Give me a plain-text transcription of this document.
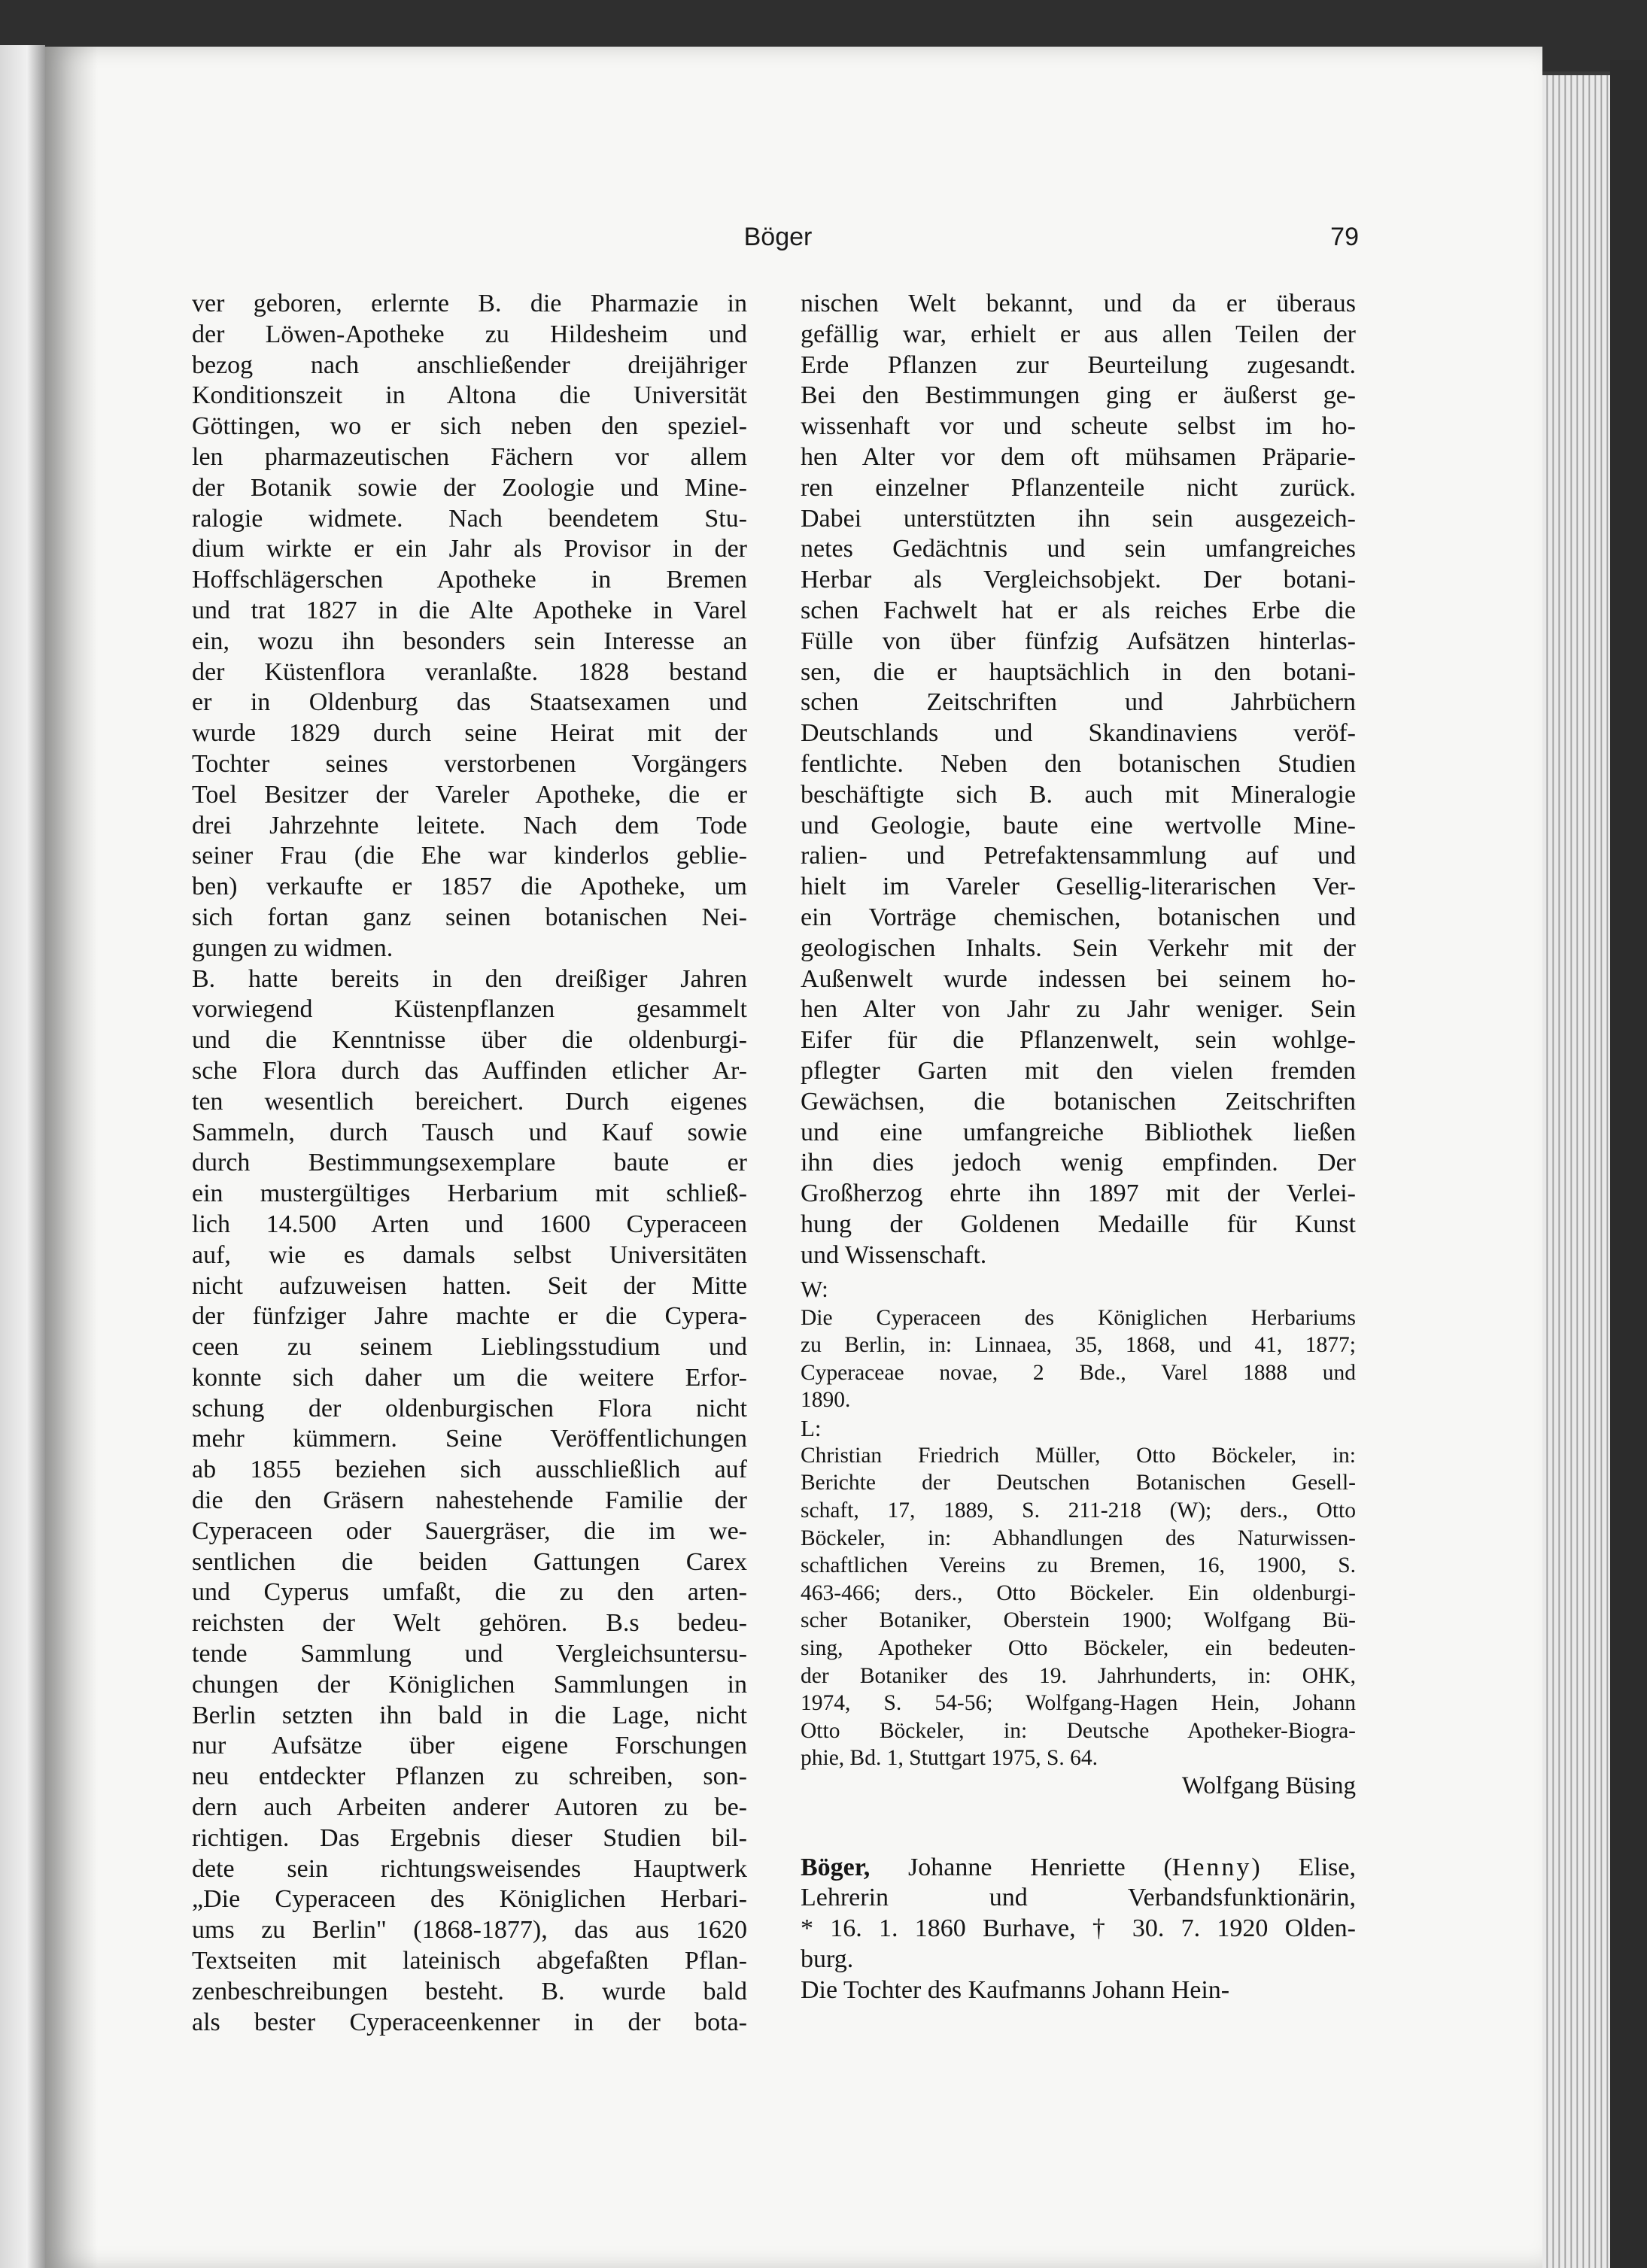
Böger	79
ver geboren, erlernte B. die Pharmazie in
der Löwen-Apotheke zu Hildesheim und
bezog nach anschließender dreijähriger
Konditionszeit in Altona die Universität
Göttingen, wo er sich neben den speziel-
len pharmazeutischen Fächern vor allem
der Botanik sowie der Zoologie und Mine-
ralogie widmete. Nach beendetem Stu-
dium wirkte er ein Jahr als Provisor in der
Hoffschlägerschen Apotheke in Bremen
und trat 1827 in die Alte Apotheke in Varel
ein, wozu ihn besonders sein Interesse an
der Küstenflora veranlaßte. 1828 bestand
er in Oldenburg das Staatsexamen und
wurde 1829 durch seine Heirat mit der
Tochter seines verstorbenen Vorgängers
Toel Besitzer der Vareler Apotheke, die er
drei Jahrzehnte leitete. Nach dem Tode
seiner Frau (die Ehe war kinderlos geblie-
ben) verkaufte er 1857 die Apotheke, um
sich fortan ganz seinen botanischen Nei-
gungen zu widmen.
B. hatte bereits in den dreißiger Jahren
vorwiegend Küstenpflanzen gesammelt
und die Kenntnisse über die oldenburgi-
sche Flora durch das Auffinden etlicher Ar-
ten wesentlich bereichert. Durch eigenes
Sammeln, durch Tausch und Kauf sowie
durch Bestimmungsexemplare baute er
ein mustergültiges Herbarium mit schließ-
lich 14.500 Arten und 1600 Cyperaceen
auf, wie es damals selbst Universitäten
nicht aufzuweisen hatten. Seit der Mitte
der fünfziger Jahre machte er die Cypera-
ceen zu seinem Lieblingsstudium und
konnte sich daher um die weitere Erfor-
schung der oldenburgischen Flora nicht
mehr kümmern. Seine Veröffentlichungen
ab 1855 beziehen sich ausschließlich auf
die den Gräsern nahestehende Familie der
Cyperaceen oder Sauergräser, die im we-
sentlichen die beiden Gattungen Carex
und Cyperus umfaßt, die zu den arten-
reichsten der Welt gehören. B.s bedeu-
tende Sammlung und Vergleichsuntersu-
chungen der Königlichen Sammlungen in
Berlin setzten ihn bald in die Lage, nicht
nur Aufsätze über eigene Forschungen
neu entdeckter Pflanzen zu schreiben, son-
dern auch Arbeiten anderer Autoren zu be-
richtigen. Das Ergebnis dieser Studien bil-
dete sein richtungsweisendes Hauptwerk
„Die Cyperaceen des Königlichen Herbari-
ums zu Berlin" (1868-1877), das aus 1620
Textseiten mit lateinisch abgefaßten Pflan-
zenbeschreibungen besteht. B. wurde bald
als bester Cyperaceenkenner in der bota-
nischen Welt bekannt, und da er überaus
gefällig war, erhielt er aus allen Teilen der
Erde Pflanzen zur Beurteilung zugesandt.
Bei den Bestimmungen ging er äußerst ge-
wissenhaft vor und scheute selbst im ho-
hen Alter vor dem oft mühsamen Präparie-
ren einzelner Pflanzenteile nicht zurück.
Dabei unterstützten ihn sein ausgezeich-
netes Gedächtnis und sein umfangreiches
Herbar als Vergleichsobjekt. Der botani-
schen Fachwelt hat er als reiches Erbe die
Fülle von über fünfzig Aufsätzen hinterlas-
sen, die er hauptsächlich in den botani-
schen Zeitschriften und Jahrbüchern
Deutschlands und Skandinaviens veröf-
fentlichte. Neben den botanischen Studien
beschäftigte sich B. auch mit Mineralogie
und Geologie, baute eine wertvolle Mine-
ralien- und Petrefaktensammlung auf und
hielt im Vareler Gesellig-literarischen Ver-
ein Vorträge chemischen, botanischen und
geologischen Inhalts. Sein Verkehr mit der
Außenwelt wurde indessen bei seinem ho-
hen Alter von Jahr zu Jahr weniger. Sein
Eifer für die Pflanzenwelt, sein wohlge-
pflegter Garten mit den vielen fremden
Gewächsen, die botanischen Zeitschriften
und eine umfangreiche Bibliothek ließen
ihn dies jedoch wenig empfinden. Der
Großherzog ehrte ihn 1897 mit der Verlei-
hung der Goldenen Medaille für Kunst
und Wissenschaft.
W:
Die Cyperaceen des Königlichen Herbariums
zu Berlin, in: Linnaea, 35, 1868, und 41, 1877;
Cyperaceae novae, 2 Bde., Varel 1888 und
1890.
L:
Christian Friedrich Müller, Otto Böckeler, in:
Berichte der Deutschen Botanischen Gesell-
schaft, 17, 1889, S. 211-218 (W); ders., Otto
Böckeler, in: Abhandlungen des Naturwissen-
schaftlichen Vereins zu Bremen, 16, 1900, S.
463-466; ders., Otto Böckeler. Ein oldenburgi-
scher Botaniker, Oberstein 1900; Wolfgang Bü-
sing, Apotheker Otto Böckeler, ein bedeuten-
der Botaniker des 19. Jahrhunderts, in: OHK,
1974, S. 54-56; Wolfgang-Hagen Hein, Johann
Otto Böckeler, in: Deutsche Apotheker-Biogra-
phie, Bd. 1, Stuttgart 1975, S. 64.
Wolfgang Büsing
Böger, Johanne Henriette (Henny) Elise,
Lehrerin und Verbandsfunktionärin,
* 16. 1. 1860 Burhave, † 30. 7. 1920 Olden-
burg.
Die Tochter des Kaufmanns Johann Hein-
